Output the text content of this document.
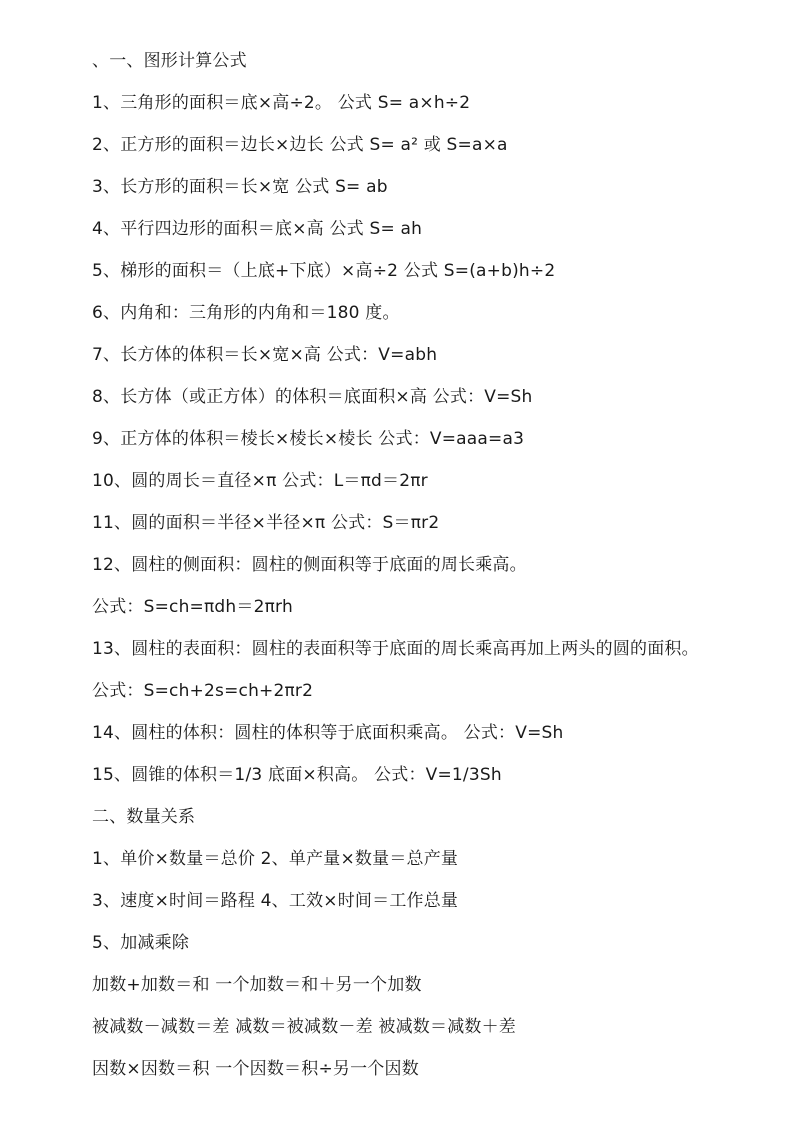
、一、图形计算公式
1、三角形的面积＝底×高÷2。 公式 S= a×h÷2
2、正方形的面积＝边长×边长 公式 S= a² 或 S=a×a
3、长方形的面积＝长×宽 公式 S= ab
4、平行四边形的面积＝底×高 公式 S= ah
5、梯形的面积＝（上底+下底）×高÷2 公式 S=(a+b)h÷2
6、内角和：三角形的内角和＝180 度。
7、长方体的体积＝长×宽×高 公式：V=abh
8、长方体（或正方体）的体积＝底面积×高 公式：V=Sh
9、正方体的体积＝棱长×棱长×棱长 公式：V=aaa=a3
10、圆的周长＝直径×π 公式：L＝πd＝2πr
11、圆的面积＝半径×半径×π 公式：S＝πr2
12、圆柱的侧面积：圆柱的侧面积等于底面的周长乘高。
公式：S=ch=πdh＝2πrh
13、圆柱的表面积：圆柱的表面积等于底面的周长乘高再加上两头的圆的面积。
公式：S=ch+2s=ch+2πr2
14、圆柱的体积：圆柱的体积等于底面积乘高。 公式：V=Sh
15、圆锥的体积＝1/3 底面×积高。 公式：V=1/3Sh
二、数量关系
1、单价×数量＝总价 2、单产量×数量＝总产量
3、速度×时间＝路程 4、工效×时间＝工作总量
5、加减乘除
加数+加数＝和 一个加数＝和＋另一个加数
被减数－减数＝差 减数＝被减数－差 被减数＝减数＋差
因数×因数＝积 一个因数＝积÷另一个因数
